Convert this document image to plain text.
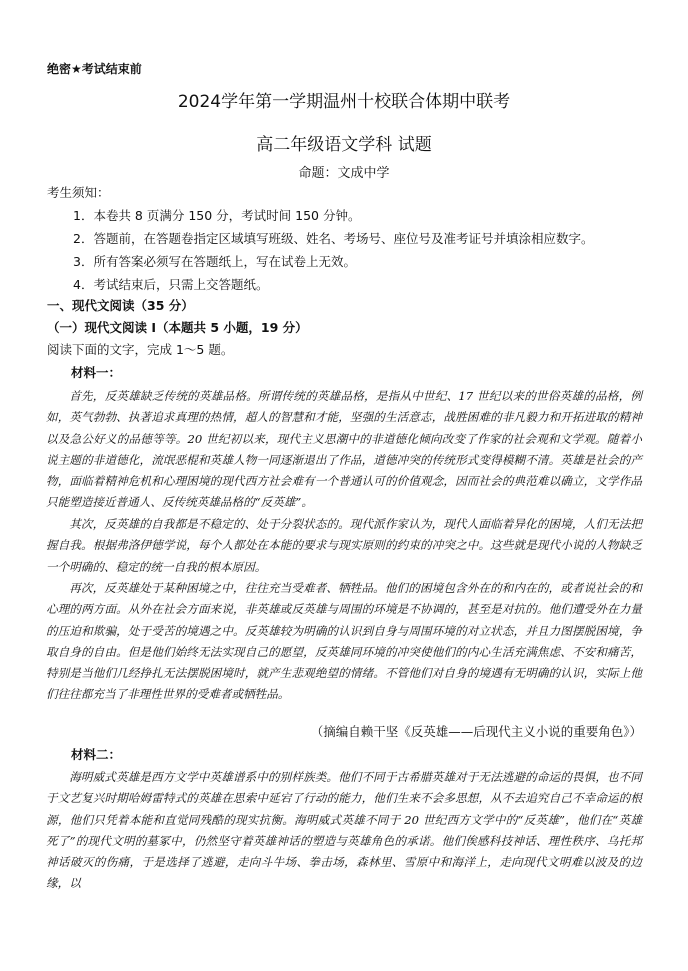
绝密★考试结束前
2024学年第一学期温州十校联合体期中联考
高二年级语文学科 试题
命题：文成中学
考生须知：
1．本卷共 8 页满分 150 分，考试时间 150 分钟。
2．答题前，在答题卷指定区域填写班级、姓名、考场号、座位号及准考证号并填涂相应数字。
3．所有答案必须写在答题纸上，写在试卷上无效。
4．考试结束后，只需上交答题纸。
一、现代文阅读（35 分）
（一）现代文阅读 I（本题共 5 小题，19 分）
阅读下面的文字，完成 1～5 题。
材料一：

首先，反英雄缺乏传统的英雄品格。所谓传统的英雄品格，是指从中世纪、17 世纪以来的世俗英雄的品格，例如，英气勃勃、执著追求真理的热情，超人的智慧和才能，坚强的生活意志，战胜困难的非凡毅力和开拓进取的精神以及急公好义的品德等等。20 世纪初以来，现代主义思潮中的非道德化倾向改变了作家的社会观和文学观。随着小说主题的非道德化，流氓恶棍和英雄人物一同逐渐退出了作品，道德冲突的传统形式变得模糊不清。英雄是社会的产物，面临着精神危机和心理困境的现代西方社会难有一个普通认可的价值观念，因而社会的典范难以确立，文学作品只能塑造接近普通人、反传统英雄品格的“反英雄”。

其次，反英雄的自我都是不稳定的、处于分裂状态的。现代派作家认为，现代人面临着异化的困境，人们无法把握自我。根据弗洛伊德学说，每个人都处在本能的要求与现实原则的约束的冲突之中。这些就是现代小说的人物缺乏一个明确的、稳定的统一自我的根本原因。

再次，反英雄处于某种困境之中，往往充当受难者、牺牲品。他们的困境包含外在的和内在的，或者说社会的和心理的两方面。从外在社会方面来说，非英雄或反英雄与周围的环境是不协调的，甚至是对抗的。他们遭受外在力量的压迫和欺骗，处于受苦的境遇之中。反英雄较为明确的认识到自身与周围环境的对立状态，并且力图摆脱困境，争取自身的自由。但是他们始终无法实现自己的愿望，反英雄同环境的冲突使他们的内心生活充满焦虑、不安和痛苦，特别是当他们几经挣扎无法摆脱困境时，就产生悲观绝望的情绪。不管他们对自身的境遇有无明确的认识，实际上他们往往都充当了非理性世界的受难者或牺牲品。

（摘编自赖干坚《反英雄——后现代主义小说的重要角色》）
材料二：

海明威式英雄是西方文学中英雄谱系中的别样族类。他们不同于古希腊英雄对于无法逃避的命运的畏惧，也不同于文艺复兴时期哈姆雷特式的英雄在思索中延宕了行动的能力，他们生来不会多思想，从不去追究自己不幸命运的根源，他们只凭着本能和直觉同残酷的现实抗衡。海明威式英雄不同于 20 世纪西方文学中的“反英雄”，他们在“英雄死了”的现代文明的墓冢中，仍然坚守着英雄神话的塑造与英雄角色的承诺。他们俟感科技神话、理性秩序、乌托邦神话破灭的伤痛，于是选择了逃避，走向斗牛场、拳击场，森林里、雪原中和海洋上，走向现代文明难以波及的边缘，以
